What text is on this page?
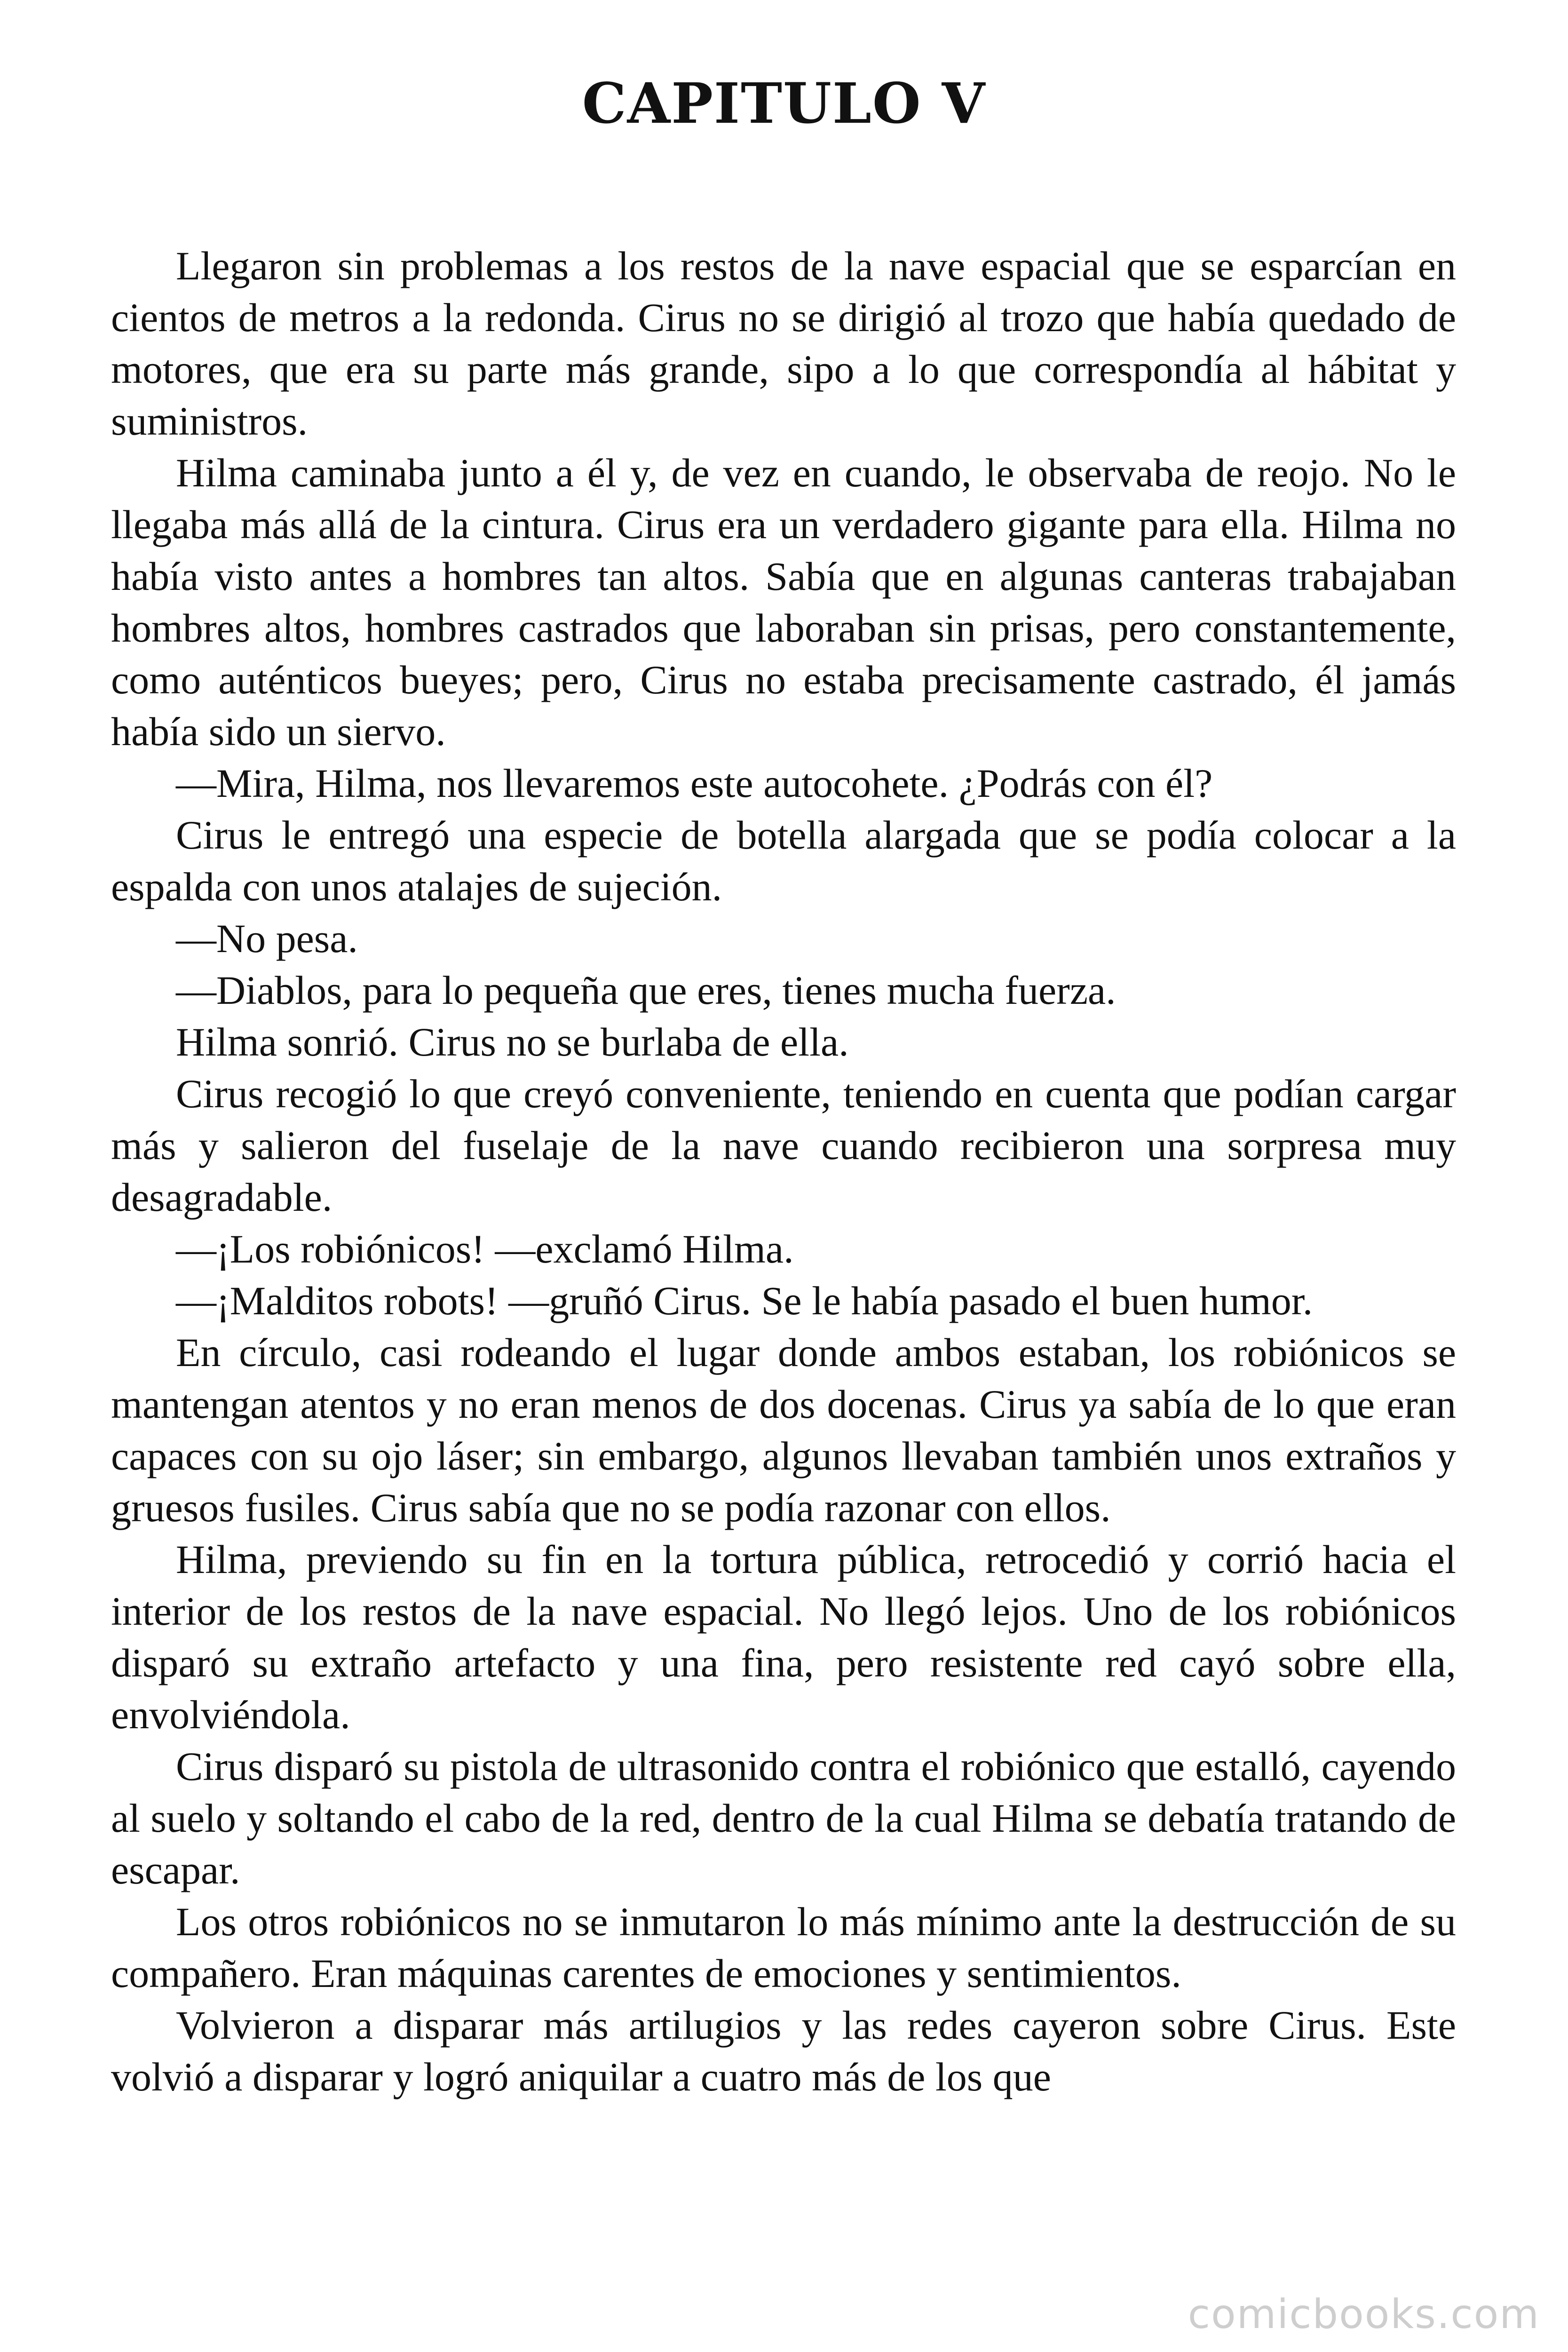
CAPITULO V

Llegaron sin problemas a los restos de la nave espacial que se esparcían en cientos de metros a la redonda. Cirus no se dirigió al trozo que había quedado de motores, que era su parte más grande, sipo a lo que correspondía al hábitat y suministros.

Hilma caminaba junto a él y, de vez en cuando, le observaba de reojo. No le llegaba más allá de la cintura. Cirus era un verdadero gigante para ella. Hilma no había visto antes a hombres tan altos. Sabía que en algunas canteras trabajaban hombres altos, hombres castrados que laboraban sin prisas, pero constantemente, como auténticos bueyes; pero, Cirus no estaba precisamente castrado, él jamás había sido un siervo.

—Mira, Hilma, nos llevaremos este autocohete. ¿Podrás con él?

Cirus le entregó una especie de botella alargada que se podía colocar a la espalda con unos atalajes de sujeción.

—No pesa.

—Diablos, para lo pequeña que eres, tienes mucha fuerza.

Hilma sonrió. Cirus no se burlaba de ella.

Cirus recogió lo que creyó conveniente, teniendo en cuenta que podían cargar más y salieron del fuselaje de la nave cuando recibieron una sorpresa muy desagradable.

—¡Los robiónicos! —exclamó Hilma.

—¡Malditos robots! —gruñó Cirus. Se le había pasado el buen humor.

En círculo, casi rodeando el lugar donde ambos estaban, los robiónicos se mantengan atentos y no eran menos de dos docenas. Cirus ya sabía de lo que eran capaces con su ojo láser; sin embargo, algunos llevaban también unos extraños y gruesos fusiles. Cirus sabía que no se podía razonar con ellos.

Hilma, previendo su fin en la tortura pública, retrocedió y corrió hacia el interior de los restos de la nave espacial. No llegó lejos. Uno de los robiónicos disparó su extraño artefacto y una fina, pero resistente red cayó sobre ella, envolviéndola.

Cirus disparó su pistola de ultrasonido contra el robiónico que estalló, cayendo al suelo y soltando el cabo de la red, dentro de la cual Hilma se debatía tratando de escapar.

Los otros robiónicos no se inmutaron lo más mínimo ante la destrucción de su compañero. Eran máquinas carentes de emociones y sentimientos.

Volvieron a disparar más artilugios y las redes cayeron sobre Cirus. Este volvió a disparar y logró aniquilar a cuatro más de los que

comicbooks.com
